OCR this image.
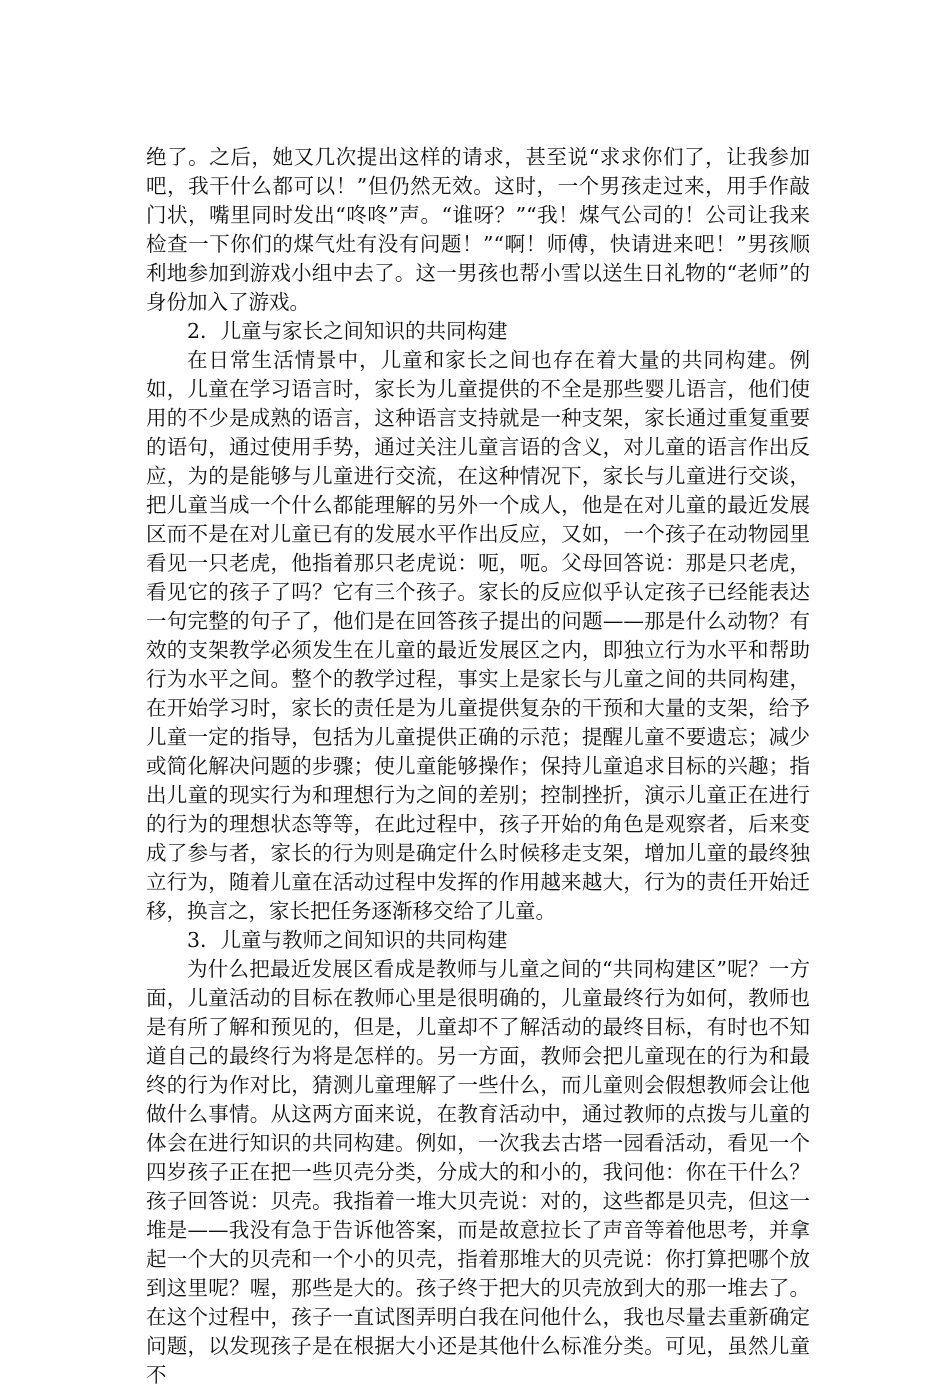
绝了。之后，她又几次提出这样的请求，甚至说“求求你们了，让我参加吧，我干什么都可以！”但仍然无效。这时，一个男孩走过来，用手作敲门状，嘴里同时发出“咚咚”声。“谁呀？”“我！煤气公司的！公司让我来检查一下你们的煤气灶有没有问题！”“啊！师傅，快请进来吧！”男孩顺利地参加到游戏小组中去了。这一男孩也帮小雪以送生日礼物的“老师”的身份加入了游戏。

2．儿童与家长之间知识的共同构建

在日常生活情景中，儿童和家长之间也存在着大量的共同构建。例如，儿童在学习语言时，家长为儿童提供的不全是那些婴儿语言，他们使用的不少是成熟的语言，这种语言支持就是一种支架，家长通过重复重要的语句，通过使用手势，通过关注儿童言语的含义，对儿童的语言作出反应，为的是能够与儿童进行交流，在这种情况下，家长与儿童进行交谈，把儿童当成一个什么都能理解的另外一个成人，他是在对儿童的最近发展区而不是在对儿童已有的发展水平作出反应，又如，一个孩子在动物园里看见一只老虎，他指着那只老虎说：呃，呃。父母回答说：那是只老虎，看见它的孩子了吗？它有三个孩子。家长的反应似乎认定孩子已经能表达一句完整的句子了，他们是在回答孩子提出的问题——那是什么动物？有效的支架教学必须发生在儿童的最近发展区之内，即独立行为水平和帮助行为水平之间。整个的教学过程，事实上是家长与儿童之间的共同构建，在开始学习时，家长的责任是为儿童提供复杂的干预和大量的支架，给予儿童一定的指导，包括为儿童提供正确的示范；提醒儿童不要遗忘；减少或简化解决问题的步骤；使儿童能够操作；保持儿童追求目标的兴趣；指出儿童的现实行为和理想行为之间的差别；控制挫折，演示儿童正在进行的行为的理想状态等等，在此过程中，孩子开始的角色是观察者，后来变成了参与者，家长的行为则是确定什么时候移走支架，增加儿童的最终独立行为，随着儿童在活动过程中发挥的作用越来越大，行为的责任开始迁移，换言之，家长把任务逐渐移交给了儿童。

3．儿童与教师之间知识的共同构建

为什么把最近发展区看成是教师与儿童之间的“共同构建区”呢？一方面，儿童活动的目标在教师心里是很明确的，儿童最终行为如何，教师也是有所了解和预见的，但是，儿童却不了解活动的最终目标，有时也不知道自己的最终行为将是怎样的。另一方面，教师会把儿童现在的行为和最终的行为作对比，猜测儿童理解了一些什么，而儿童则会假想教师会让他做什么事情。从这两方面来说，在教育活动中，通过教师的点拨与儿童的体会在进行知识的共同构建。例如，一次我去古塔一园看活动，看见一个四岁孩子正在把一些贝壳分类，分成大的和小的，我问他：你在干什么？孩子回答说：贝壳。我指着一堆大贝壳说：对的，这些都是贝壳，但这一堆是——我没有急于告诉他答案，而是故意拉长了声音等着他思考，并拿起一个大的贝壳和一个小的贝壳，指着那堆大的贝壳说：你打算把哪个放到这里呢？喔，那些是大的。孩子终于把大的贝壳放到大的那一堆去了。在这个过程中，孩子一直试图弄明白我在问他什么，我也尽量去重新确定问题，以发现孩子是在根据大小还是其他什么标准分类。可见，虽然儿童不
